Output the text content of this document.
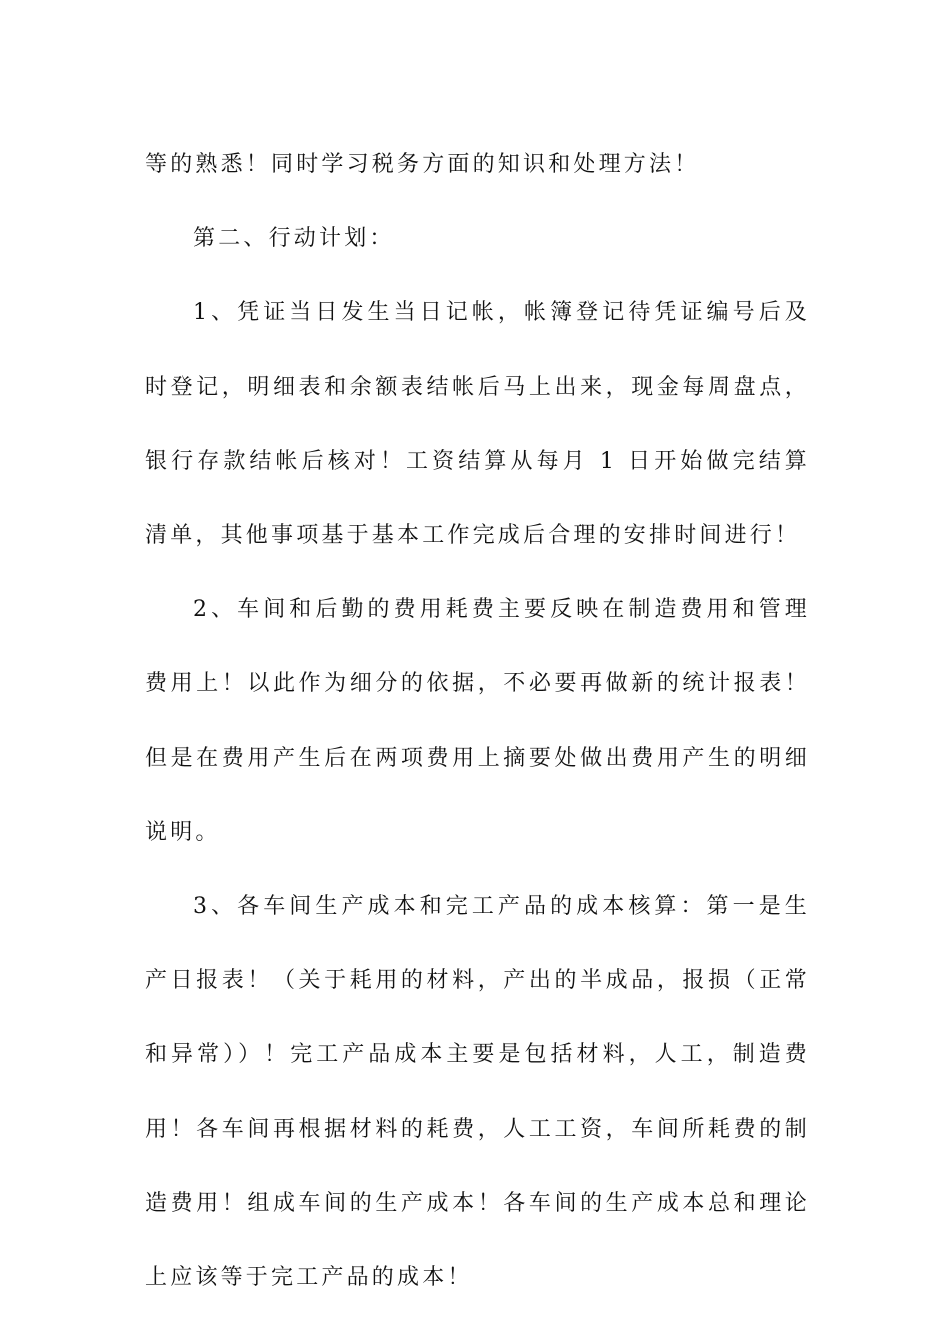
等的熟悉！同时学习税务方面的知识和处理方法！

第二、行动计划：

1、凭证当日发生当日记帐，帐簿登记待凭证编号后及时登记，明细表和余额表结帐后马上出来，现金每周盘点，银行存款结帐后核对！工资结算从每月 1 日开始做完结算清单，其他事项基于基本工作完成后合理的安排时间进行！

2、车间和后勤的费用耗费主要反映在制造费用和管理费用上！以此作为细分的依据，不必要再做新的统计报表！但是在费用产生后在两项费用上摘要处做出费用产生的明细说明。

3、各车间生产成本和完工产品的成本核算：第一是生产日报表！（关于耗用的材料，产出的半成品，报损（正常和异常））！完工产品成本主要是包括材料，人工，制造费用！各车间再根据材料的耗费，人工工资，车间所耗费的制造费用！组成车间的生产成本！各车间的生产成本总和理论上应该等于完工产品的成本！
